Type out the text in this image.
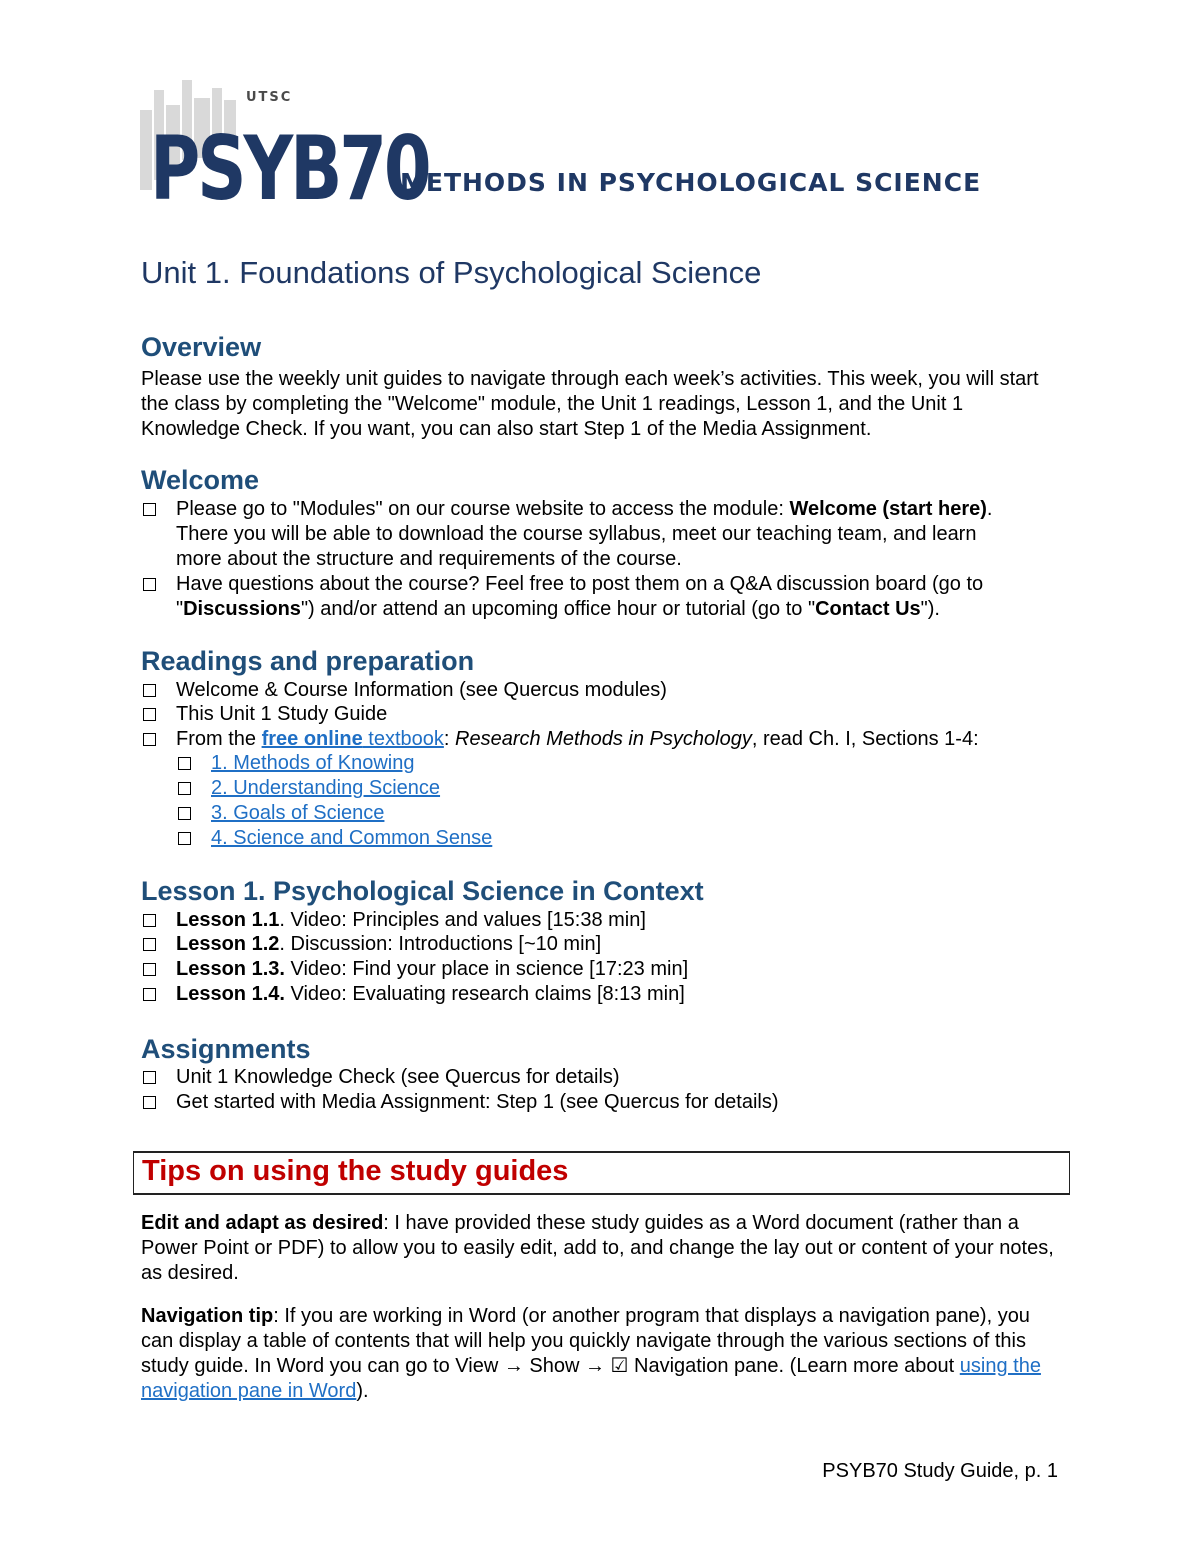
UTSC
PSYB70
METHODS IN PSYCHOLOGICAL SCIENCE
Unit 1. Foundations of Psychological Science
Overview
Please use the weekly unit guides to navigate through each week’s activities. This week, you will start the class by completing the "Welcome" module, the Unit 1 readings, Lesson 1, and the Unit 1 Knowledge Check. If you want, you can also start Step 1 of the Media Assignment.
Welcome
Please go to "Modules" on our course website to access the module: Welcome (start here).
There you will be able to download the course syllabus, meet our teaching team, and learn
more about the structure and requirements of the course.
Have questions about the course? Feel free to post them on a Q&A discussion board (go to
"Discussions") and/or attend an upcoming office hour or tutorial (go to "Contact Us").
Readings and preparation
Welcome & Course Information (see Quercus modules)
This Unit 1 Study Guide
From the free online textbook: Research Methods in Psychology, read Ch. I, Sections 1-4:
1. Methods of Knowing
2. Understanding Science
3. Goals of Science
4. Science and Common Sense
Lesson 1. Psychological Science in Context
Lesson 1.1. Video: Principles and values [15:38 min]
Lesson 1.2. Discussion: Introductions [~10 min]
Lesson 1.3. Video: Find your place in science [17:23 min]
Lesson 1.4. Video: Evaluating research claims [8:13 min]
Assignments
Unit 1 Knowledge Check (see Quercus for details)
Get started with Media Assignment: Step 1 (see Quercus for details)
Tips on using the study guides
Edit and adapt as desired: I have provided these study guides as a Word document (rather than a Power Point or PDF) to allow you to easily edit, add to, and change the lay out or content of your notes, as desired.
Navigation tip: If you are working in Word (or another program that displays a navigation pane), you can display a table of contents that will help you quickly navigate through the various sections of this study guide. In Word you can go to View → Show → ☑ Navigation pane. (Learn more about using the navigation pane in Word).
PSYB70 Study Guide, p. 1
